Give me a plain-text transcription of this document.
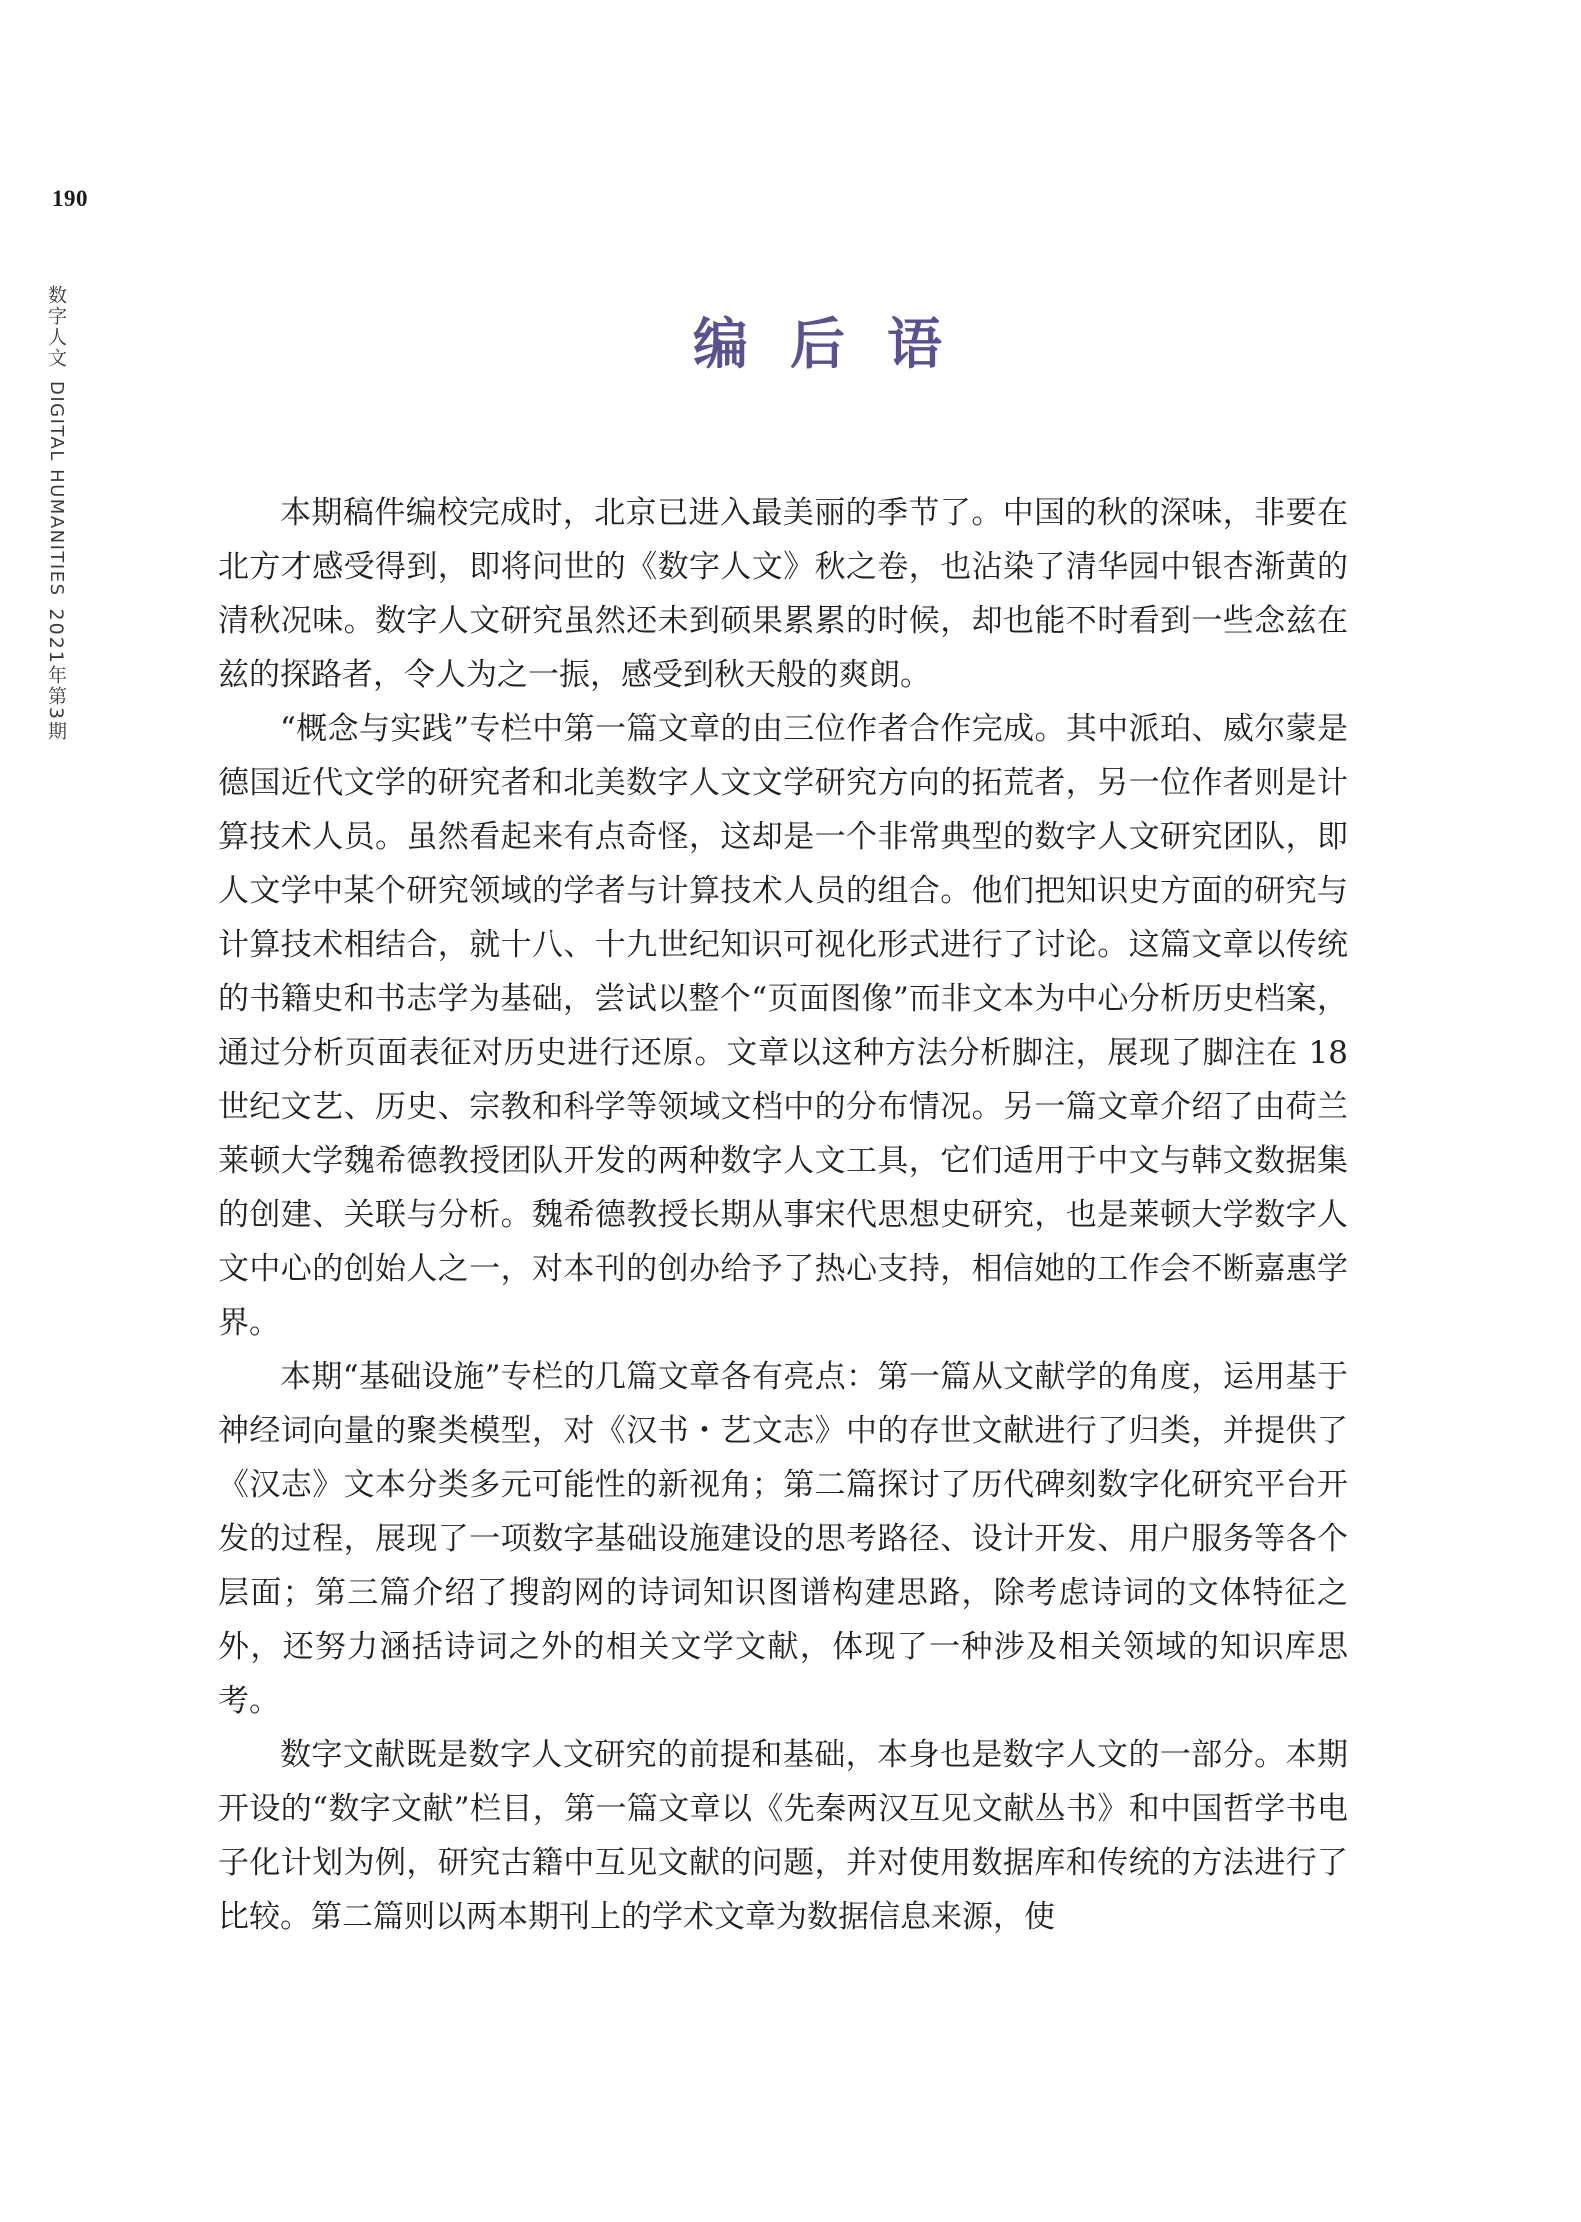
190
数字人文DIGITAL HUMANITIES2021年第3期
编后语

本期稿件编校完成时，北京已进入最美丽的季节了。中国的秋的深味，非要在北方才感受得到，即将问世的《数字人文》秋之卷，也沾染了清华园中银杏渐黄的清秋况味。数字人文研究虽然还未到硕果累累的时候，却也能不时看到一些念兹在兹的探路者，令人为之一振，感受到秋天般的爽朗。

“概念与实践”专栏中第一篇文章的由三位作者合作完成。其中派珀、威尔蒙是德国近代文学的研究者和北美数字人文文学研究方向的拓荒者，另一位作者则是计算技术人员。虽然看起来有点奇怪，这却是一个非常典型的数字人文研究团队，即人文学中某个研究领域的学者与计算技术人员的组合。他们把知识史方面的研究与计算技术相结合，就十八、十九世纪知识可视化形式进行了讨论。这篇文章以传统的书籍史和书志学为基础，尝试以整个“页面图像”而非文本为中心分析历史档案，通过分析页面表征对历史进行还原。文章以这种方法分析脚注，展现了脚注在 18 世纪文艺、历史、宗教和科学等领域文档中的分布情况。另一篇文章介绍了由荷兰莱顿大学魏希德教授团队开发的两种数字人文工具，它们适用于中文与韩文数据集的创建、关联与分析。魏希德教授长期从事宋代思想史研究，也是莱顿大学数字人文中心的创始人之一，对本刊的创办给予了热心支持，相信她的工作会不断嘉惠学界。

本期“基础设施”专栏的几篇文章各有亮点：第一篇从文献学的角度，运用基于神经词向量的聚类模型，对《汉书・艺文志》中的存世文献进行了归类，并提供了《汉志》文本分类多元可能性的新视角；第二篇探讨了历代碑刻数字化研究平台开发的过程，展现了一项数字基础设施建设的思考路径、设计开发、用户服务等各个层面；第三篇介绍了搜韵网的诗词知识图谱构建思路，除考虑诗词的文体特征之外，还努力涵括诗词之外的相关文学文献，体现了一种涉及相关领域的知识库思考。

数字文献既是数字人文研究的前提和基础，本身也是数字人文的一部分。本期开设的“数字文献”栏目，第一篇文章以《先秦两汉互见文献丛书》和中国哲学书电子化计划为例，研究古籍中互见文献的问题，并对使用数据库和传统的方法进行了比较。第二篇则以两本期刊上的学术文章为数据信息来源，使
